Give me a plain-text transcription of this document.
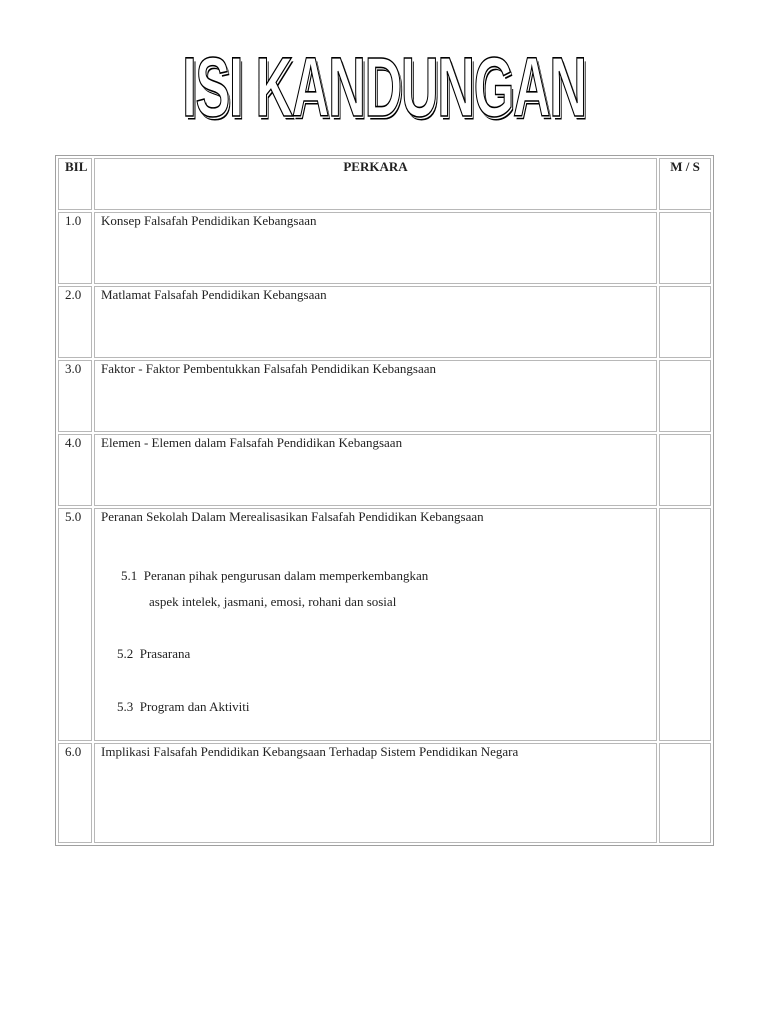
ISI KANDUNGAN
BIL	PERKARA	M / S
1.0	Konsep Falsafah Pendidikan Kebangsaan	
2.0	Matlamat Falsafah Pendidikan Kebangsaan	
3.0	Faktor - Faktor Pembentukkan Falsafah Pendidikan Kebangsaan	
4.0	Elemen - Elemen dalam Falsafah Pendidikan Kebangsaan	
5.0	Peranan Sekolah Dalam Merealisasikan Falsafah Pendidikan Kebangsaan
5.1 Peranan pihak pengurusan dalam memperkembangkan
aspek intelek, jasmani, emosi, rohani dan sosial
5.2 Prasarana
5.3 Program dan Aktiviti	

6.0	Implikasi Falsafah Pendidikan Kebangsaan Terhadap Sistem Pendidikan Negara	
